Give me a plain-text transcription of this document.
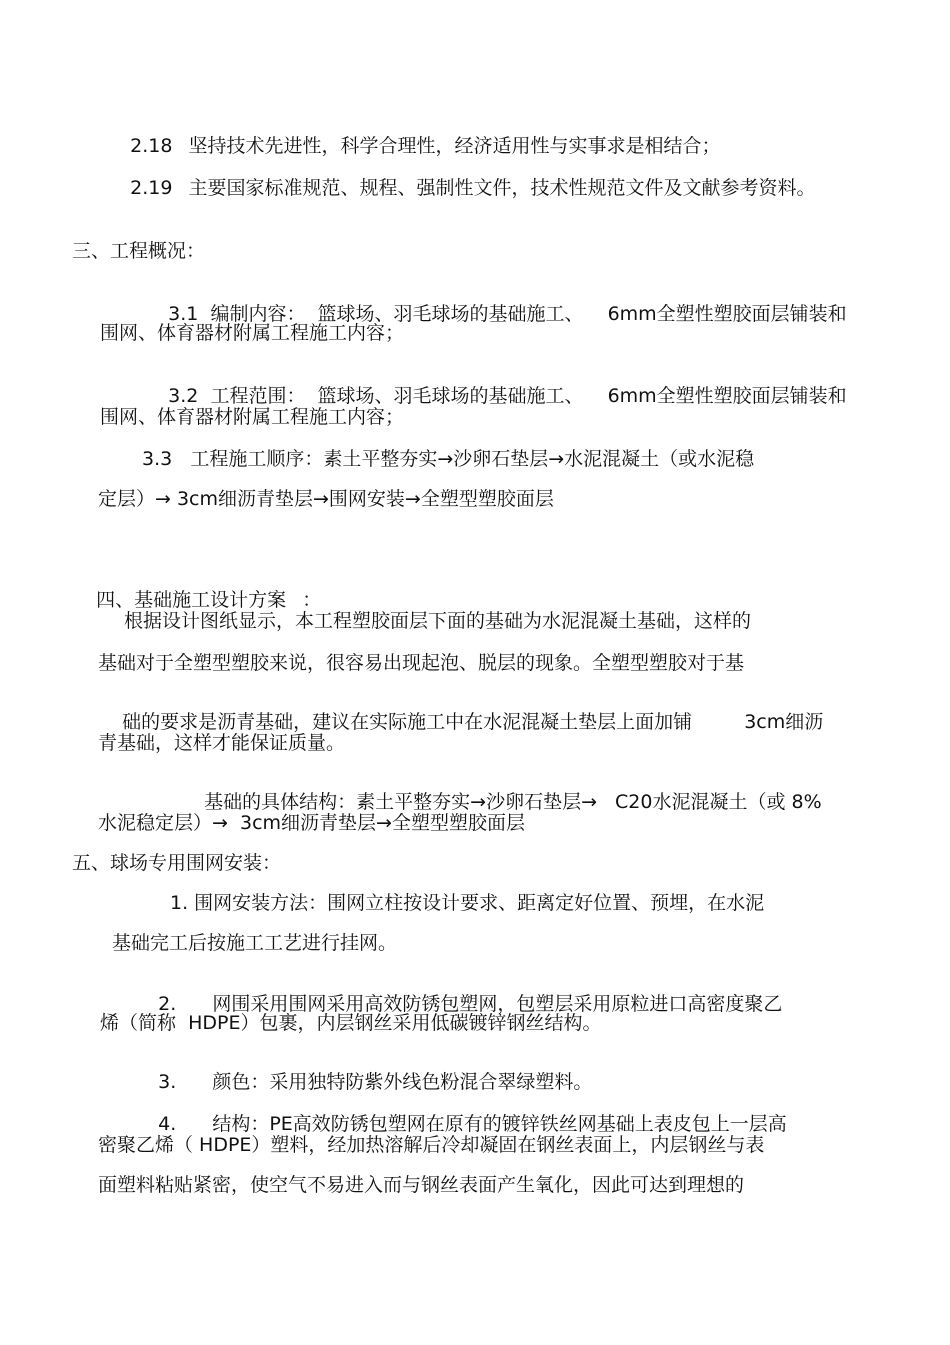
2.18 坚持技术先进性，科学合理性，经济适用性与实事求是相结合；

2.19 主要国家标准规范、规程、强制性文件，技术性规范文件及文献参考资料。

三、工程概况：

3.1  编制内容：  篮球场、羽毛球场的基础施工、 6mm全塑性塑胶面层铺装和

围网、体育器材附属工程施工内容；

3.2  工程范围：  篮球场、羽毛球场的基础施工、 6mm全塑性塑胶面层铺装和

围网、体育器材附属工程施工内容；
3.3   工程施工顺序：素土平整夯实→沙卵石垫层→水泥混凝土（或水泥稳
定层）→ 3cm细沥青垫层→围网安装→全塑型塑胶面层

四、基础施工设计方案 ：

根据设计图纸显示，本工程塑胶面层下面的基础为水泥混凝土基础，这样的
基础对于全塑型塑胶来说，很容易出现起泡、脱层的现象。全塑型塑胶对于基

础的要求是沥青基础，建议在实际施工中在水泥混凝土垫层上面加铺	3cm细沥

青基础，这样才能保证质量。

基础的具体结构：素土平整夯实→沙卵石垫层→ C20水泥混凝土（或 8%

水泥稳定层）→  3cm细沥青垫层→全塑型塑胶面层
五、球场专用围网安装：
1. 围网安装方法：围网立柱按设计要求、距离定好位置、预埋，在水泥
基础完工后按施工工艺进行挂网。

2. 网围采用围网采用高效防锈包塑网，包塑层采用原粒进口高密度聚乙

烯（简称  HDPE）包裹，内层钢丝采用低碳镀锌钢丝结构。

3. 颜色：采用独特防紫外线色粉混合翠绿塑料。

4. 结构：PE高效防锈包塑网在原有的镀锌铁丝网基础上表皮包上一层高

密聚乙烯（ HDPE）塑料，经加热溶解后冷却凝固在钢丝表面上，内层钢丝与表
面塑料粘贴紧密，使空气不易进入而与钢丝表面产生氧化，因此可达到理想的
